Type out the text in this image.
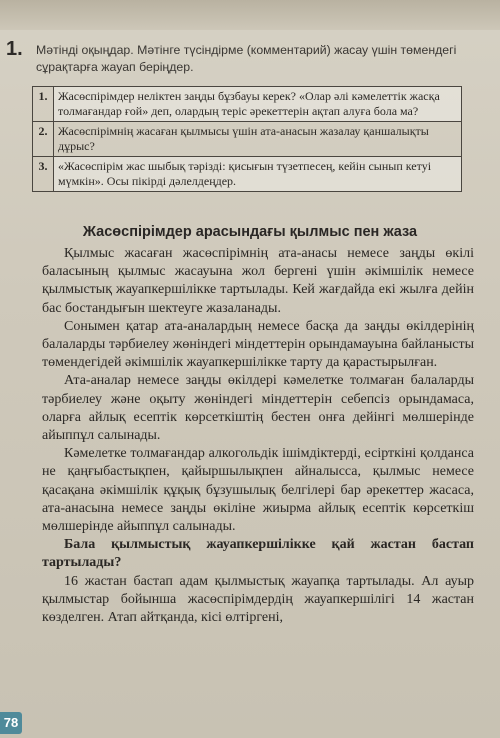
1. Мәтінді оқыңдар. Мәтінге түсіндірме (комментарий) жасау үшін төмендегі сұрақтарға жауап беріңдер.
1.	Жасөспірімдер неліктен заңды бұзбауы керек? «Олар әлі кәмелеттік жасқа толмағандар ғой» деп, олардың теріс әрекеттерін ақтап алуға бола ма?
2.	Жасөспірімнің жасаған қылмысы үшін ата-анасын жазалау қаншалықты дұрыс?
3.	«Жасөспірім жас шыбық тәрізді: қисығын түзетпесең, кейін сынып кетуі мүмкін». Осы пікірді дәлелдеңдер.
Жасөспірімдер арасындағы қылмыс пен жаза

Қылмыс жасаған жасөспірімнің ата-анасы немесе заңды өкілі баласының қылмыс жасауына жол бергені үшін әкімшілік немесе қылмыстық жауапкершілікке тартылады. Кей жағдайда екі жылға дейін бас бостандығын шектеуге жазаланады.

Сонымен қатар ата-аналардың немесе басқа да заңды өкілдерінің балаларды тәрбиелеу жөніндегі міндеттерін орындамауына байланысты төмендегідей әкімшілік жауапкершілікке тарту да қарастырылған.

Ата-аналар немесе заңды өкілдері кәмелетке толмаған балаларды тәрбиелеу және оқыту жөніндегі міндеттерін себепсіз орындамаса, оларға айлық есептік көрсеткіштің бестен онға дейінгі мөлшерінде айыппұл салынады.

Кәмелетке толмағандар алкогольдік ішімдіктерді, есірткіні қолданса не қаңғыбастықпен, қайыршылықпен айналысса, қылмыс немесе қасақана әкімшілік құқық бұзушылық белгілері бар әрекеттер жасаса, ата-анасына немесе заңды өкіліне жиырма айлық есептік көрсеткіш мөлшерінде айыппұл салынады.

Бала қылмыстық жауапкершілікке қай жастан бастап тартылады?

16 жастан бастап адам қылмыстық жауапқа тартылады. Ал ауыр қылмыстар бойынша жасөспірімдердің жауапкершілігі 14 жастан көзделген. Атап айтқанда, кісі өлтіргені,

78
